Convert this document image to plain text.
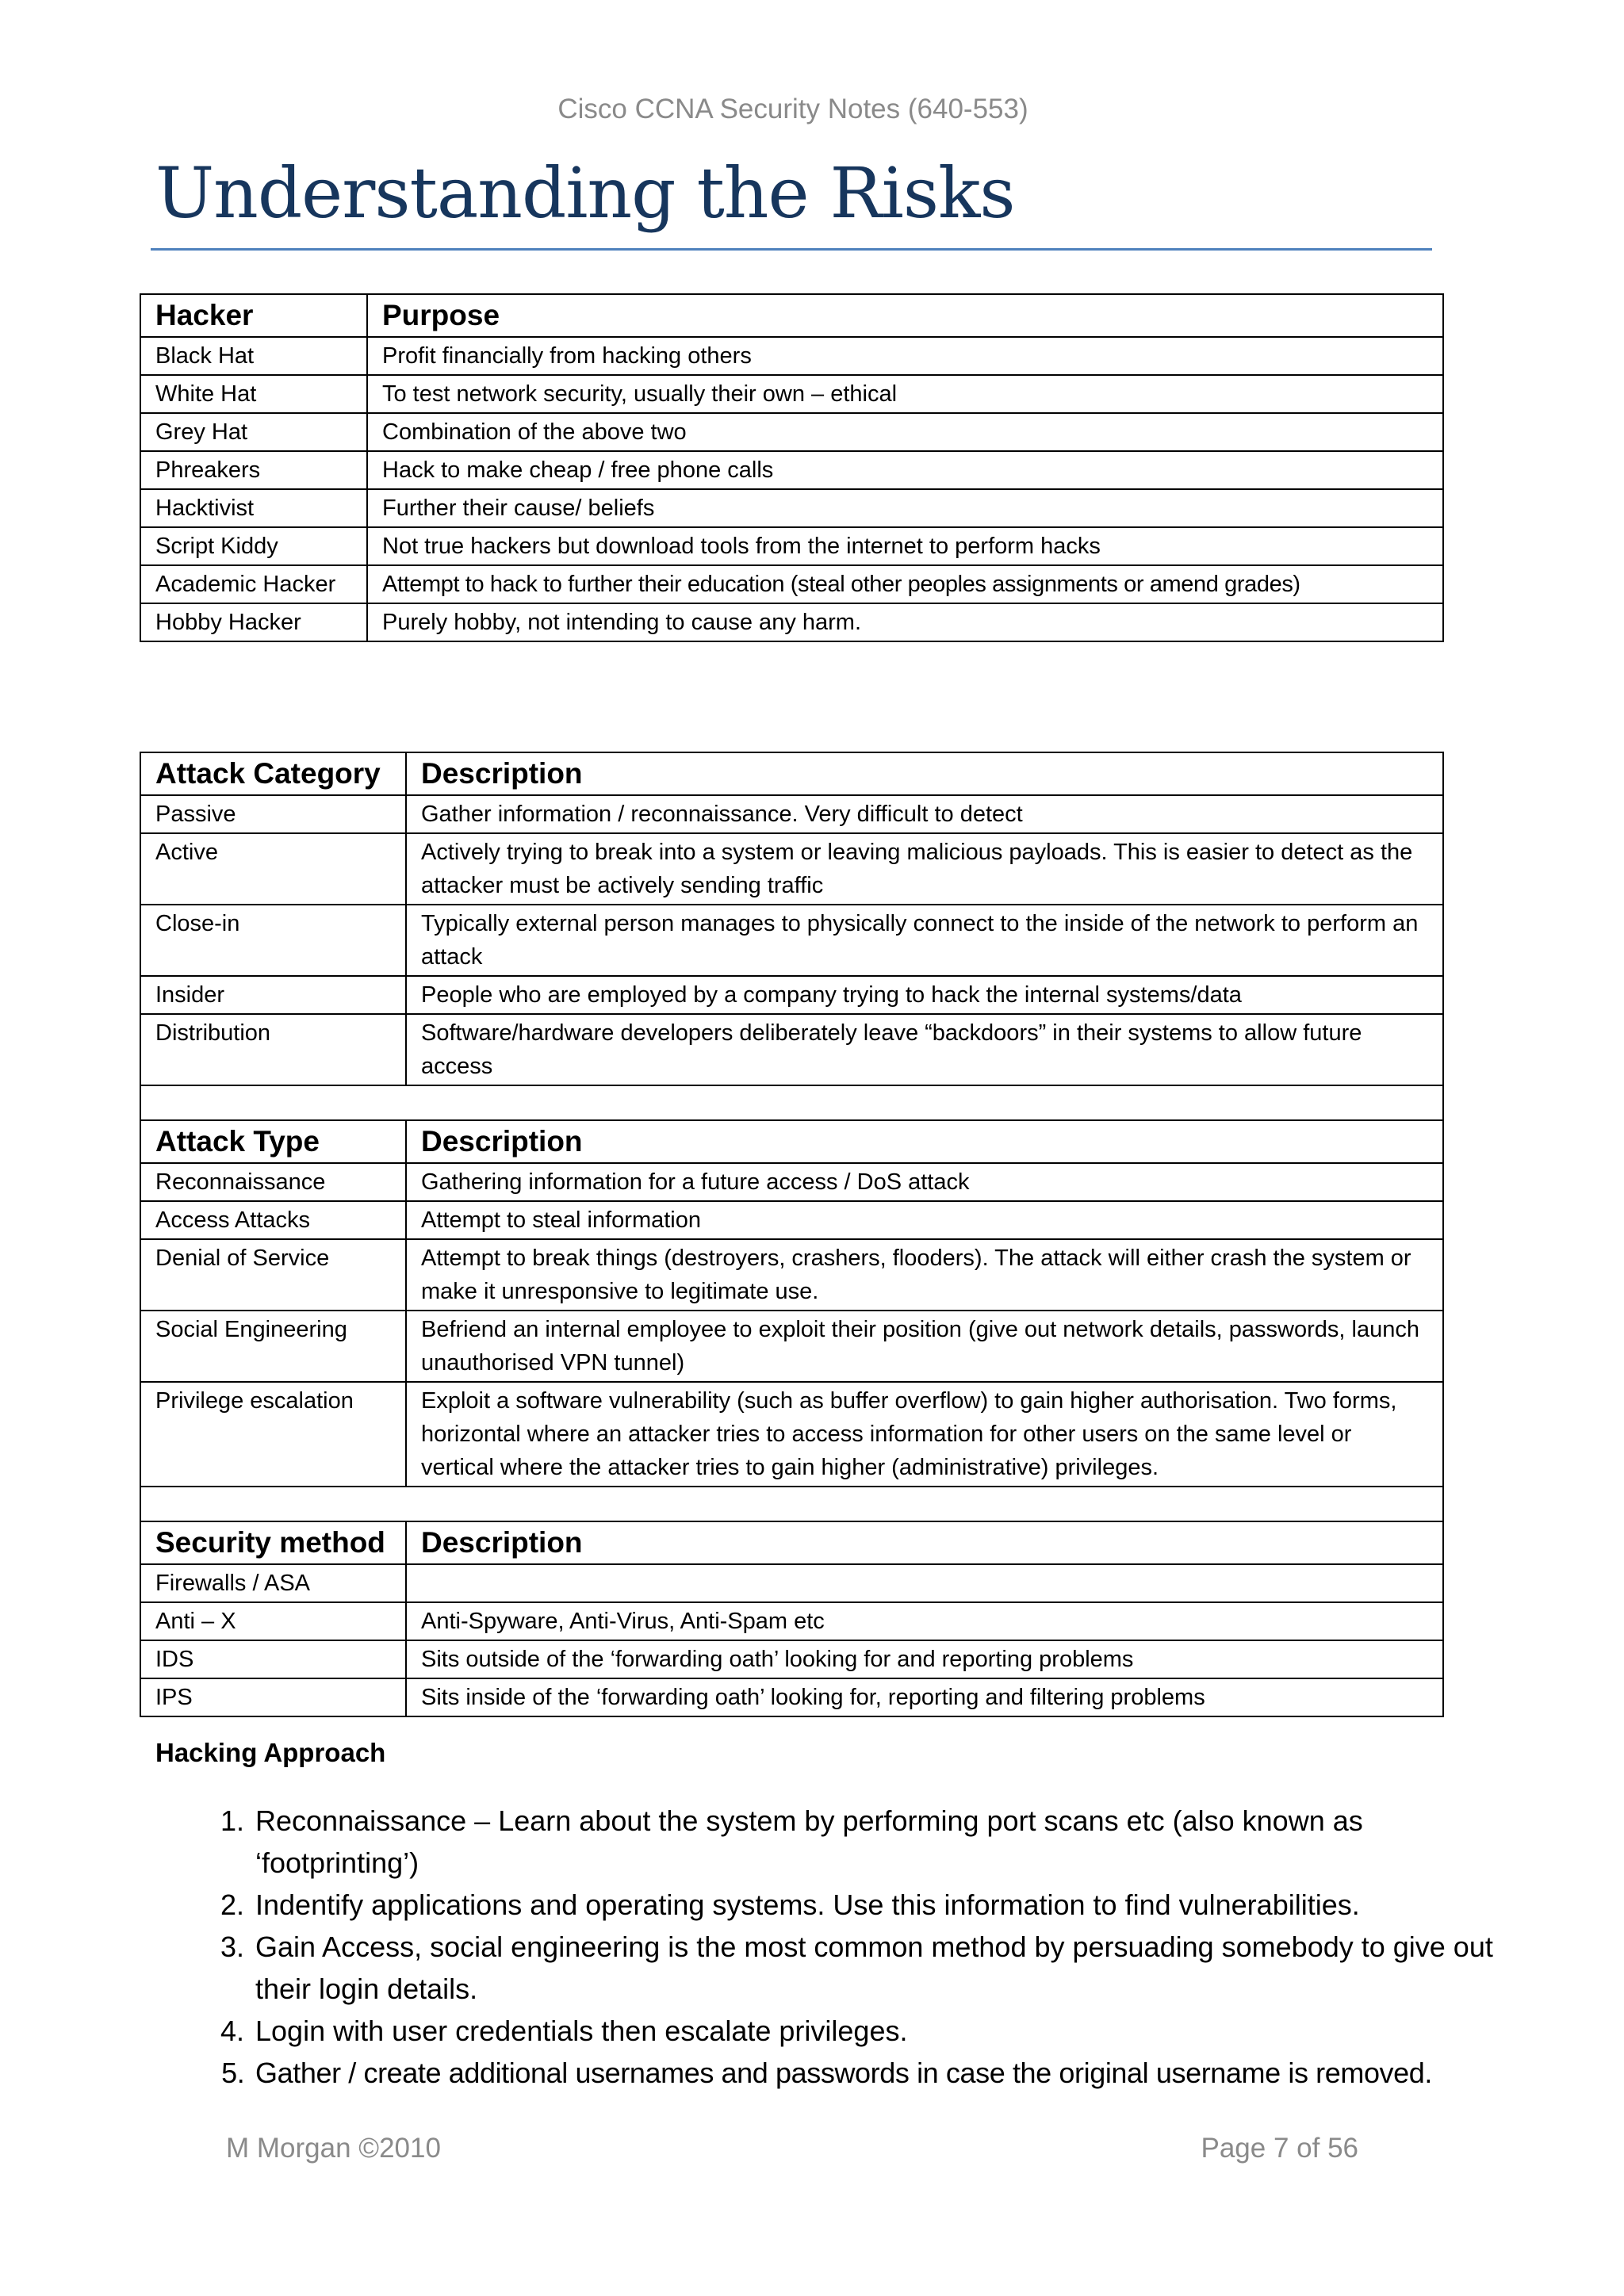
Cisco CCNA Security Notes (640-553)
Understanding the Risks
Hacker	Purpose
Black Hat	Profit financially from hacking others
White Hat	To test network security, usually their own – ethical
Grey Hat	Combination of the above two
Phreakers	Hack to make cheap / free phone calls
Hacktivist	Further their cause/ beliefs
Script Kiddy	Not true hackers but download tools from the internet to perform hacks
Academic Hacker	Attempt to hack to further their education (steal other peoples assignments or amend grades)
Hobby Hacker	Purely hobby, not intending to cause any harm.
Attack Category	Description
Passive	Gather information / reconnaissance. Very difficult to detect
Active	Actively trying to break into a system or leaving malicious payloads. This is easier to detect as the attacker must be actively sending traffic
Close-in	Typically external person manages to physically connect to the inside of the network to perform an attack
Insider	People who are employed by a company trying to hack the internal systems/data
Distribution	Software/hardware developers deliberately leave “backdoors” in their systems to allow future access

Attack Type	Description
Reconnaissance	Gathering information for a future access / DoS attack
Access Attacks	Attempt to steal information
Denial of Service	Attempt to break things (destroyers, crashers, flooders). The attack will either crash the system or make it unresponsive to legitimate use.
Social Engineering	Befriend an internal employee to exploit their position (give out network details, passwords, launch unauthorised VPN tunnel)
Privilege escalation	Exploit a software vulnerability (such as buffer overflow) to gain higher authorisation. Two forms, horizontal where an attacker tries to access information for other users on the same level or vertical where the attacker tries to gain higher (administrative) privileges.

Security method	Description
Firewalls / ASA	
Anti – X	Anti-Spyware, Anti-Virus, Anti-Spam etc
IDS	Sits outside of the ‘forwarding oath’ looking for and reporting problems
IPS	Sits inside of the ‘forwarding oath’ looking for, reporting and filtering problems
Hacking Approach
1. Reconnaissance – Learn about the system by performing port scans etc (also known as ‘footprinting’)
2. Indentify applications and operating systems. Use this information to find vulnerabilities.
3. Gain Access, social engineering is the most common method by persuading somebody to give out their login details.
4. Login with user credentials then escalate privileges.
5. Gather / create additional usernames and passwords in case the original username is removed.
M Morgan ©2010	Page 7 of 56
